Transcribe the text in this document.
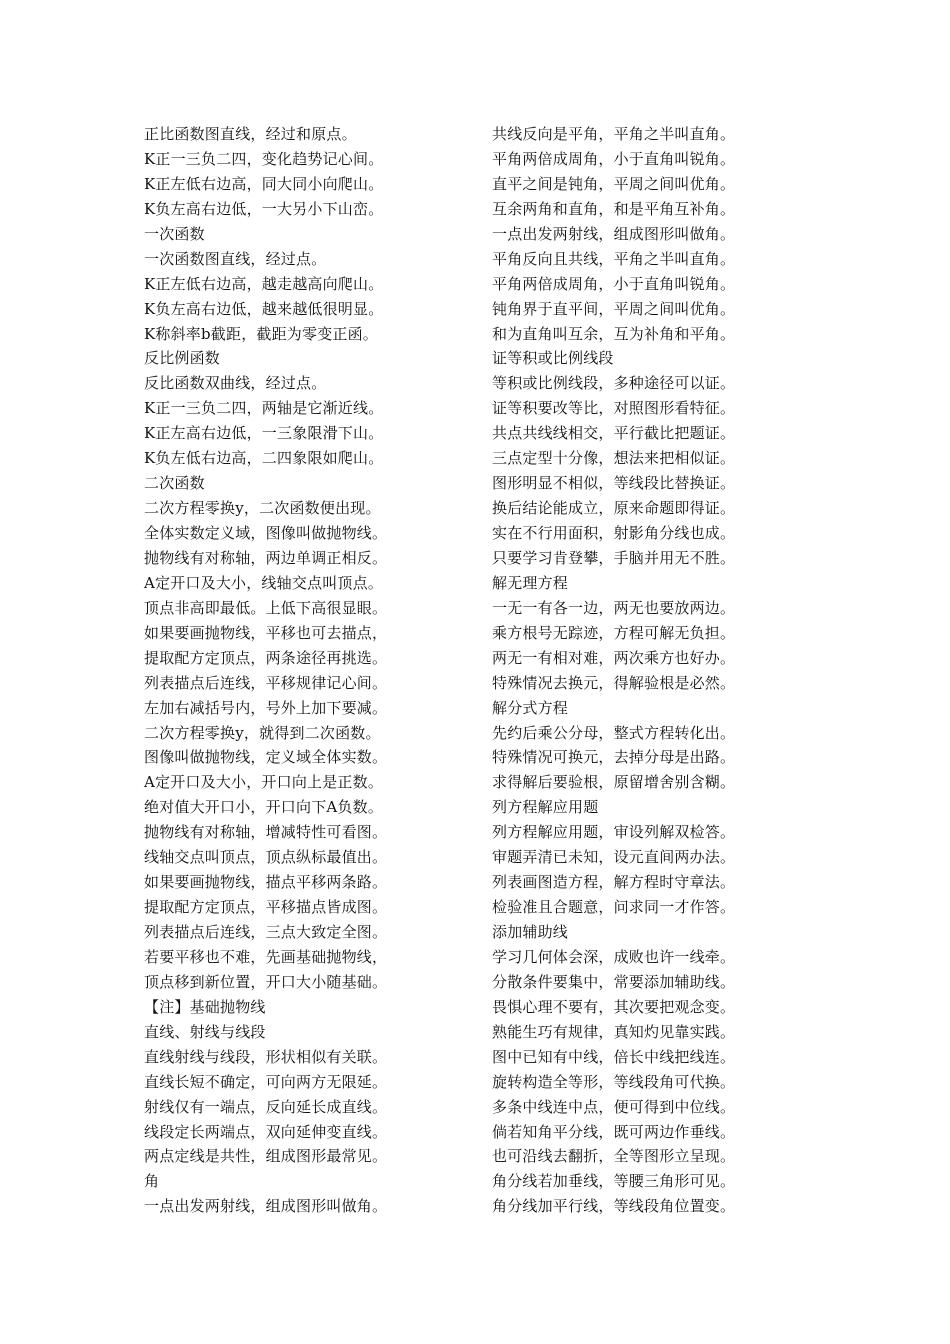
正比函数图直线，经过和原点。
K正一三负二四，变化趋势记心间。
K正左低右边高，同大同小向爬山。
K负左高右边低，一大另小下山峦。
一次函数
一次函数图直线，经过点。
K正左低右边高，越走越高向爬山。
K负左高右边低，越来越低很明显。
K称斜率b截距，截距为零变正函。
反比例函数
反比函数双曲线，经过点。
K正一三负二四，两轴是它渐近线。
K正左高右边低，一三象限滑下山。
K负左低右边高，二四象限如爬山。
二次函数
二次方程零换y，二次函数便出现。
全体实数定义域，图像叫做抛物线。
抛物线有对称轴，两边单调正相反。
A定开口及大小，线轴交点叫顶点。
顶点非高即最低。上低下高很显眼。
如果要画抛物线，平移也可去描点，
提取配方定顶点，两条途径再挑选。
列表描点后连线，平移规律记心间。
左加右减括号内，号外上加下要减。
二次方程零换y，就得到二次函数。
图像叫做抛物线，定义域全体实数。
A定开口及大小，开口向上是正数。
绝对值大开口小，开口向下A负数。
抛物线有对称轴，增减特性可看图。
线轴交点叫顶点，顶点纵标最值出。
如果要画抛物线，描点平移两条路。
提取配方定顶点，平移描点皆成图。
列表描点后连线，三点大致定全图。
若要平移也不难，先画基础抛物线，
顶点移到新位置，开口大小随基础。
【注】基础抛物线
直线、射线与线段
直线射线与线段，形状相似有关联。
直线长短不确定，可向两方无限延。
射线仅有一端点，反向延长成直线。
线段定长两端点，双向延伸变直线。
两点定线是共性，组成图形最常见。
角
一点出发两射线，组成图形叫做角。
共线反向是平角，平角之半叫直角。
平角两倍成周角，小于直角叫锐角。
直平之间是钝角，平周之间叫优角。
互余两角和直角，和是平角互补角。
一点出发两射线，组成图形叫做角。
平角反向且共线，平角之半叫直角。
平角两倍成周角，小于直角叫锐角。
钝角界于直平间，平周之间叫优角。
和为直角叫互余，互为补角和平角。
证等积或比例线段
等积或比例线段，多种途径可以证。
证等积要改等比，对照图形看特征。
共点共线线相交，平行截比把题证。
三点定型十分像，想法来把相似证。
图形明显不相似，等线段比替换证。
换后结论能成立，原来命题即得证。
实在不行用面积，射影角分线也成。
只要学习肯登攀，手脑并用无不胜。
解无理方程
一无一有各一边，两无也要放两边。
乘方根号无踪迹，方程可解无负担。
两无一有相对难，两次乘方也好办。
特殊情况去换元，得解验根是必然。
解分式方程
先约后乘公分母，整式方程转化出。
特殊情况可换元，去掉分母是出路。
求得解后要验根，原留增舍别含糊。
列方程解应用题
列方程解应用题，审设列解双检答。
审题弄清已未知，设元直间两办法。
列表画图造方程，解方程时守章法。
检验准且合题意，问求同一才作答。
添加辅助线
学习几何体会深，成败也许一线牵。
分散条件要集中，常要添加辅助线。
畏惧心理不要有，其次要把观念变。
熟能生巧有规律，真知灼见靠实践。
图中已知有中线，倍长中线把线连。
旋转构造全等形，等线段角可代换。
多条中线连中点，便可得到中位线。
倘若知角平分线，既可两边作垂线。
也可沿线去翻折，全等图形立呈现。
角分线若加垂线，等腰三角形可见。
角分线加平行线，等线段角位置变。
